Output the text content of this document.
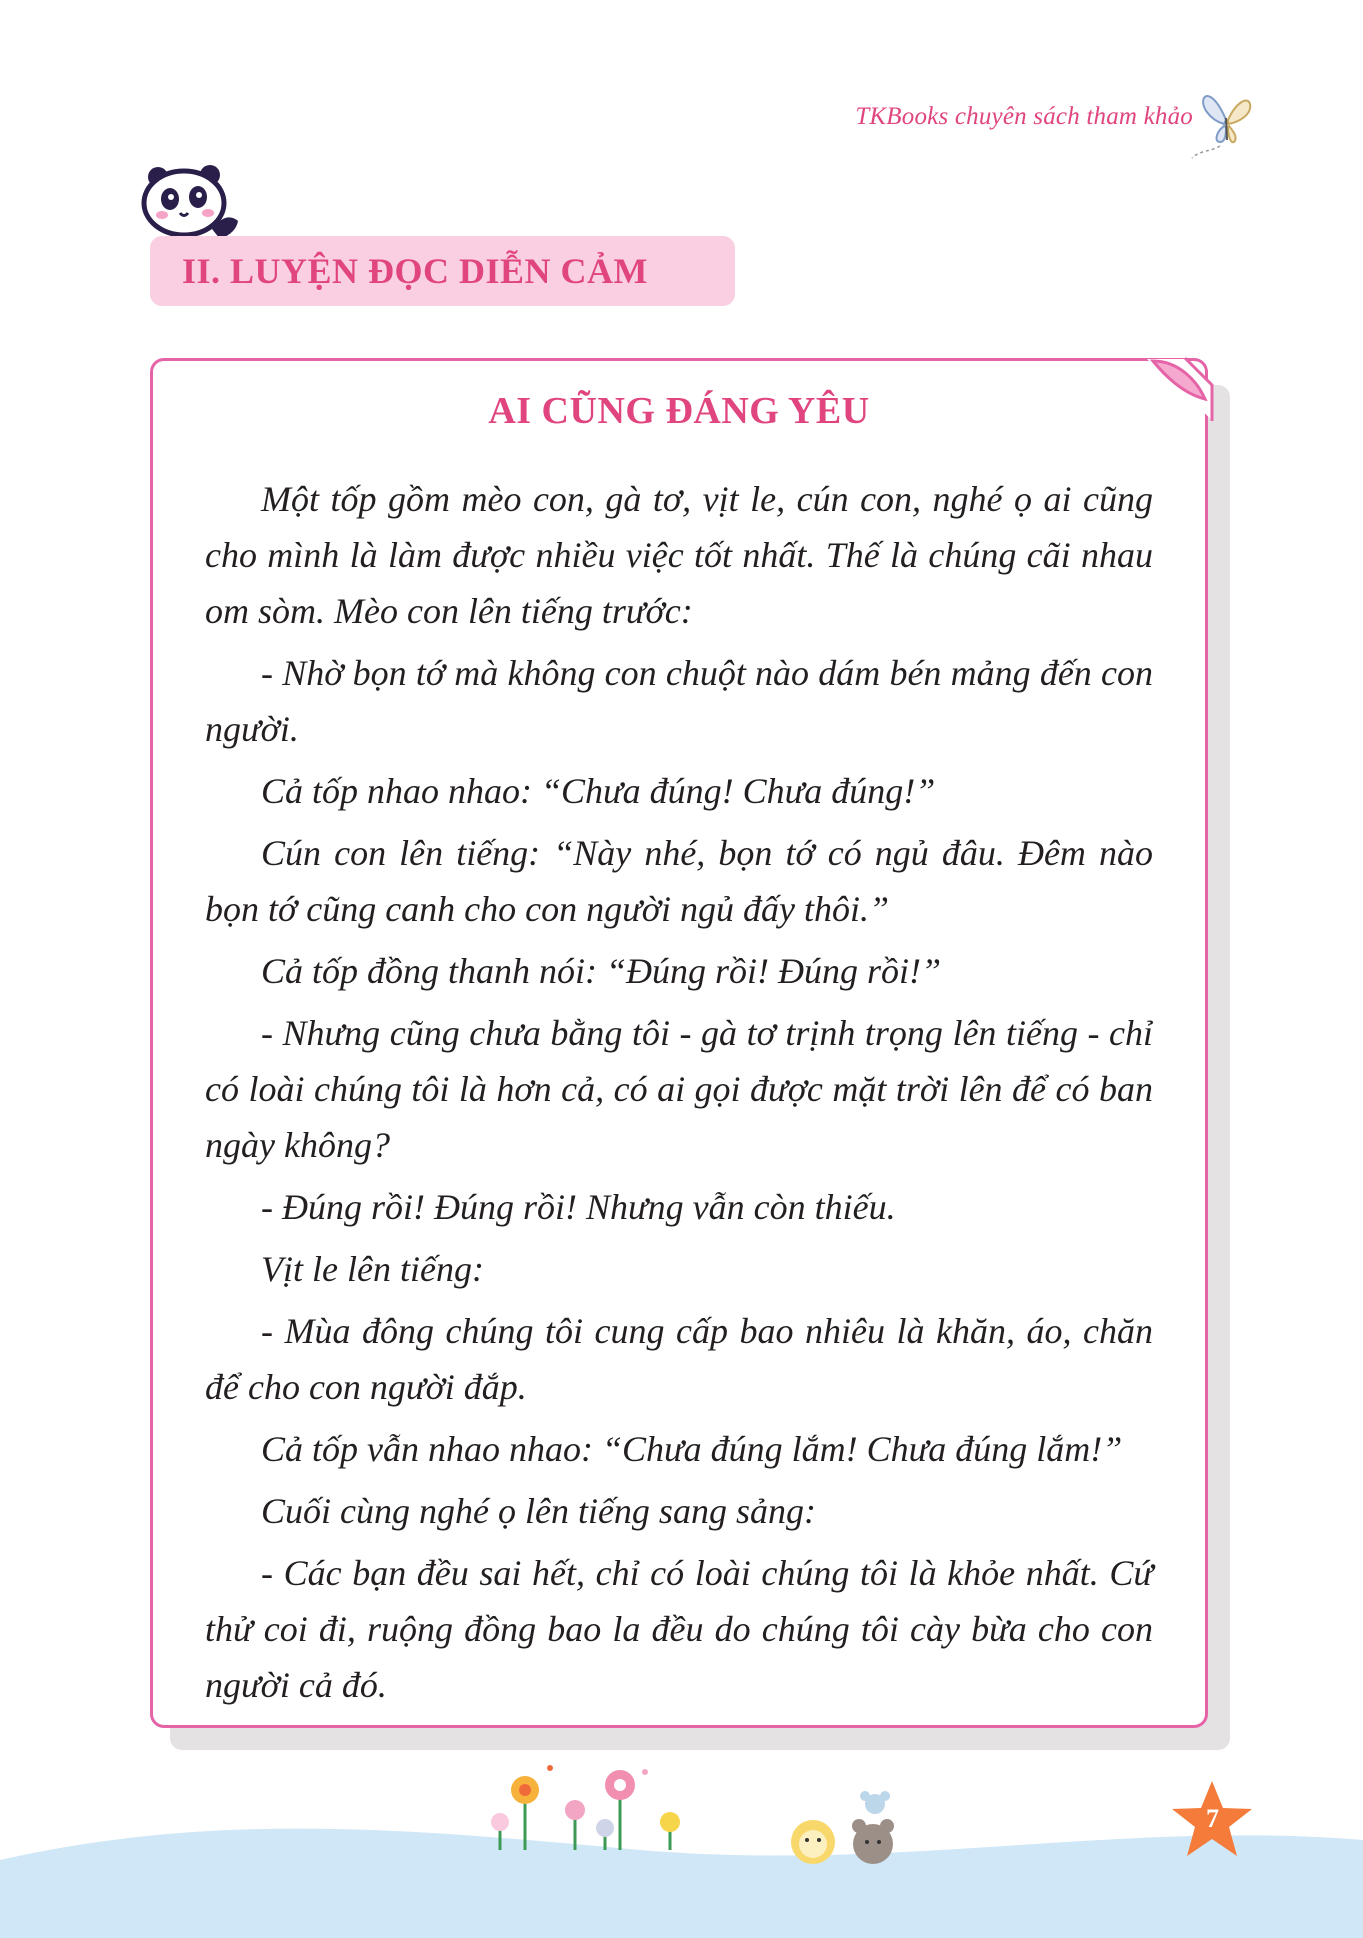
TKBooks chuyên sách tham khảo
II. LUYỆN ĐỌC DIỄN CẢM
AI CŨNG ĐÁNG YÊU

Một tốp gồm mèo con, gà tơ, vịt le, cún con, nghé ọ ai cũng cho mình là làm được nhiều việc tốt nhất. Thế là chúng cãi nhau om sòm. Mèo con lên tiếng trước:

- Nhờ bọn tớ mà không con chuột nào dám bén mảng đến con người.

Cả tốp nhao nhao: “Chưa đúng! Chưa đúng!”

Cún con lên tiếng: “Này nhé, bọn tớ có ngủ đâu. Đêm nào bọn tớ cũng canh cho con người ngủ đấy thôi.”

Cả tốp đồng thanh nói: “Đúng rồi! Đúng rồi!”

- Nhưng cũng chưa bằng tôi - gà tơ trịnh trọng lên tiếng - chỉ có loài chúng tôi là hơn cả, có ai gọi được mặt trời lên để có ban ngày không?

- Đúng rồi! Đúng rồi! Nhưng vẫn còn thiếu.

Vịt le lên tiếng:

- Mùa đông chúng tôi cung cấp bao nhiêu là khăn, áo, chăn để cho con người đắp.

Cả tốp vẫn nhao nhao: “Chưa đúng lắm! Chưa đúng lắm!”

Cuối cùng nghé ọ lên tiếng sang sảng:

- Các bạn đều sai hết, chỉ có loài chúng tôi là khỏe nhất. Cứ thử coi đi, ruộng đồng bao la đều do chúng tôi cày bừa cho con người cả đó.

7
